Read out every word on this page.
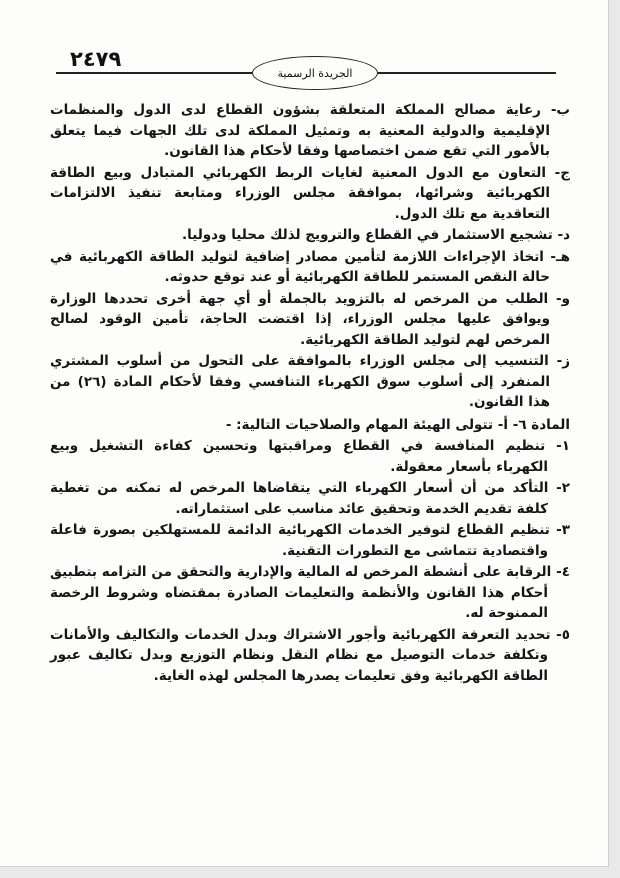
٢٤٧٩
الجريدة الرسمية
ب- رعاية مصالح المملكة المتعلقة بشؤون القطاع لدى الدول والمنظمات الإقليمية والدولية المعنية به وتمثيل المملكة لدى تلك الجهات فيما يتعلق بالأمور التي تقع ضمن اختصاصها وفقا لأحكام هذا القانون.
ج- التعاون مع الدول المعنية لغايات الربط الكهربائي المتبادل وبيع الطاقة الكهربائية وشرائها، بموافقة مجلس الوزراء ومتابعة تنفيذ الالتزامات التعاقدية مع تلك الدول.
د- تشجيع الاستثمار في القطاع والترويج لذلك محليا ودوليا.
هـ- اتخاذ الإجراءات اللازمة لتأمين مصادر إضافية لتوليد الطاقة الكهربائية في حالة النقص المستمر للطاقة الكهربائية أو عند توقع حدوثه.
و- الطلب من المرخص له بالتزويد بالجملة أو أي جهة أخرى تحددها الوزارة ويوافق عليها مجلس الوزراء، إذا اقتضت الحاجة، تأمين الوقود لصالح المرخص لهم لتوليد الطاقة الكهربائية.
ز- التنسيب إلى مجلس الوزراء بالموافقة على التحول من أسلوب المشتري المنفرد إلى أسلوب سوق الكهرباء التنافسي وفقا لأحكام المادة (٢٦) من هذا القانون.
المادة ٦- أ- تتولى الهيئة المهام والصلاحيات التالية: -
١- تنظيم المنافسة في القطاع ومراقبتها وتحسين كفاءة التشغيل وبيع الكهرباء بأسعار معقولة.
٢- التأكد من أن أسعار الكهرباء التي يتقاضاها المرخص له تمكنه من تغطية كلفة تقديم الخدمة وتحقيق عائد مناسب على استثماراته.
٣- تنظيم القطاع لتوفير الخدمات الكهربائية الدائمة للمستهلكين بصورة فاعلة واقتصادية تتماشى مع التطورات التقنية.
٤- الرقابة على أنشطة المرخص له المالية والإدارية والتحقق من التزامه بتطبيق أحكام هذا القانون والأنظمة والتعليمات الصادرة بمقتضاه وشروط الرخصة الممنوحة له.
٥- تحديد التعرفة الكهربائية وأجور الاشتراك وبدل الخدمات والتكاليف والأمانات وتكلفة خدمات التوصيل مع نظام النقل ونظام التوزيع وبدل تكاليف عبور الطاقة الكهربائية وفق تعليمات يصدرها المجلس لهذه الغاية.
